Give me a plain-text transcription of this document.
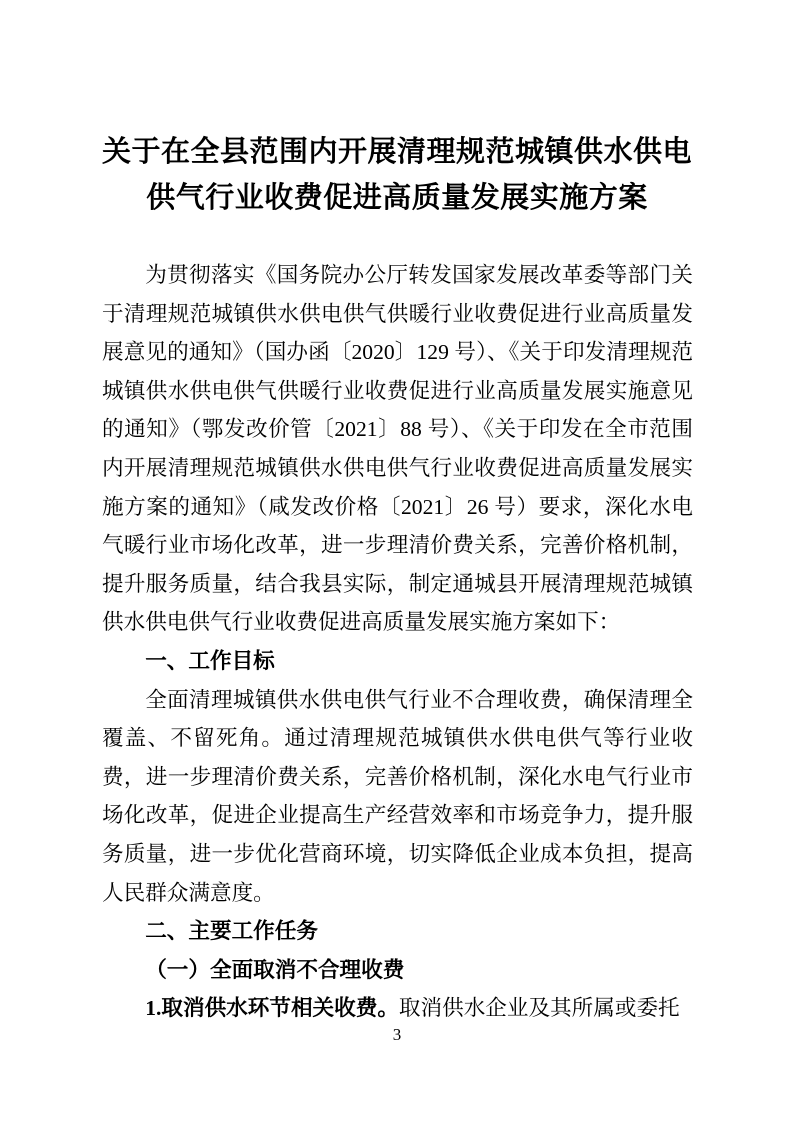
关于在全县范围内开展清理规范城镇供水供电
供气行业收费促进高质量发展实施方案

为贯彻落实《国务院办公厅转发国家发展改革委等部门关于清理规范城镇供水供电供气供暖行业收费促进行业高质量发展意见的通知》（国办函〔2020〕129 号）、《关于印发清理规范城镇供水供电供气供暖行业收费促进行业高质量发展实施意见的通知》（鄂发改价管〔2021〕88 号）、《关于印发在全市范围内开展清理规范城镇供水供电供气行业收费促进高质量发展实施方案的通知》（咸发改价格〔2021〕26 号）要求，深化水电气暖行业市场化改革，进一步理清价费关系，完善价格机制，提升服务质量，结合我县实际，制定通城县开展清理规范城镇供水供电供气行业收费促进高质量发展实施方案如下：

一、工作目标

全面清理城镇供水供电供气行业不合理收费，确保清理全覆盖、不留死角。通过清理规范城镇供水供电供气等行业收费，进一步理清价费关系，完善价格机制，深化水电气行业市场化改革，促进企业提高生产经营效率和市场竞争力，提升服务质量，进一步优化营商环境，切实降低企业成本负担，提高人民群众满意度。

二、主要工作任务
（一）全面取消不合理收费

1.取消供水环节相关收费。取消供水企业及其所属或委托

3
